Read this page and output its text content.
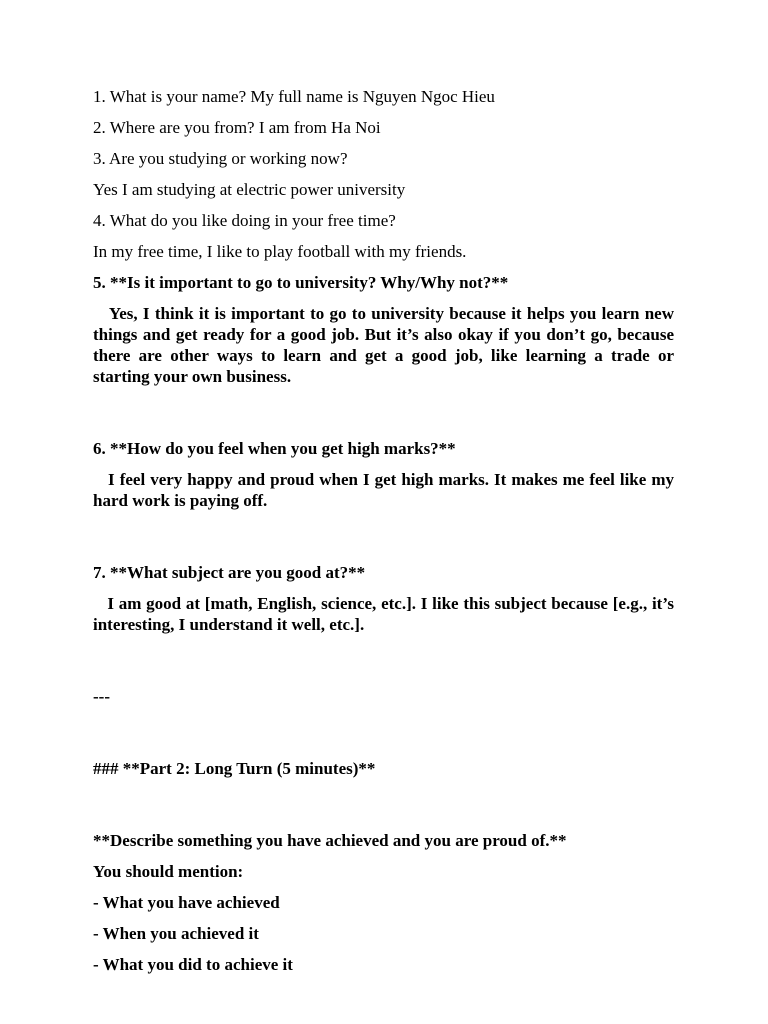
1. What is your name? My full name is Nguyen Ngoc Hieu

2. Where are you from? I am from Ha Noi

3. Are you studying or working now?

Yes I am studying at electric power university

4. What do you like doing in your free time?

In my free time, I like to play football with my friends.

5. **Is it important to go to university? Why/Why not?**

Yes, I think it is important to go to university because it helps you learn new things and get ready for a good job. But it’s also okay if you don’t go, because there are other ways to learn and get a good job, like learning a trade or starting your own business.

6. **How do you feel when you get high marks?**

I feel very happy and proud when I get high marks. It makes me feel like my hard work is paying off.

7. **What subject are you good at?**

I am good at [math, English, science, etc.]. I like this subject because [e.g., it’s interesting, I understand it well, etc.].

---

### **Part 2: Long Turn (5 minutes)**

**Describe something you have achieved and you are proud of.**

You should mention:

- What you have achieved

- When you achieved it

- What you did to achieve it
